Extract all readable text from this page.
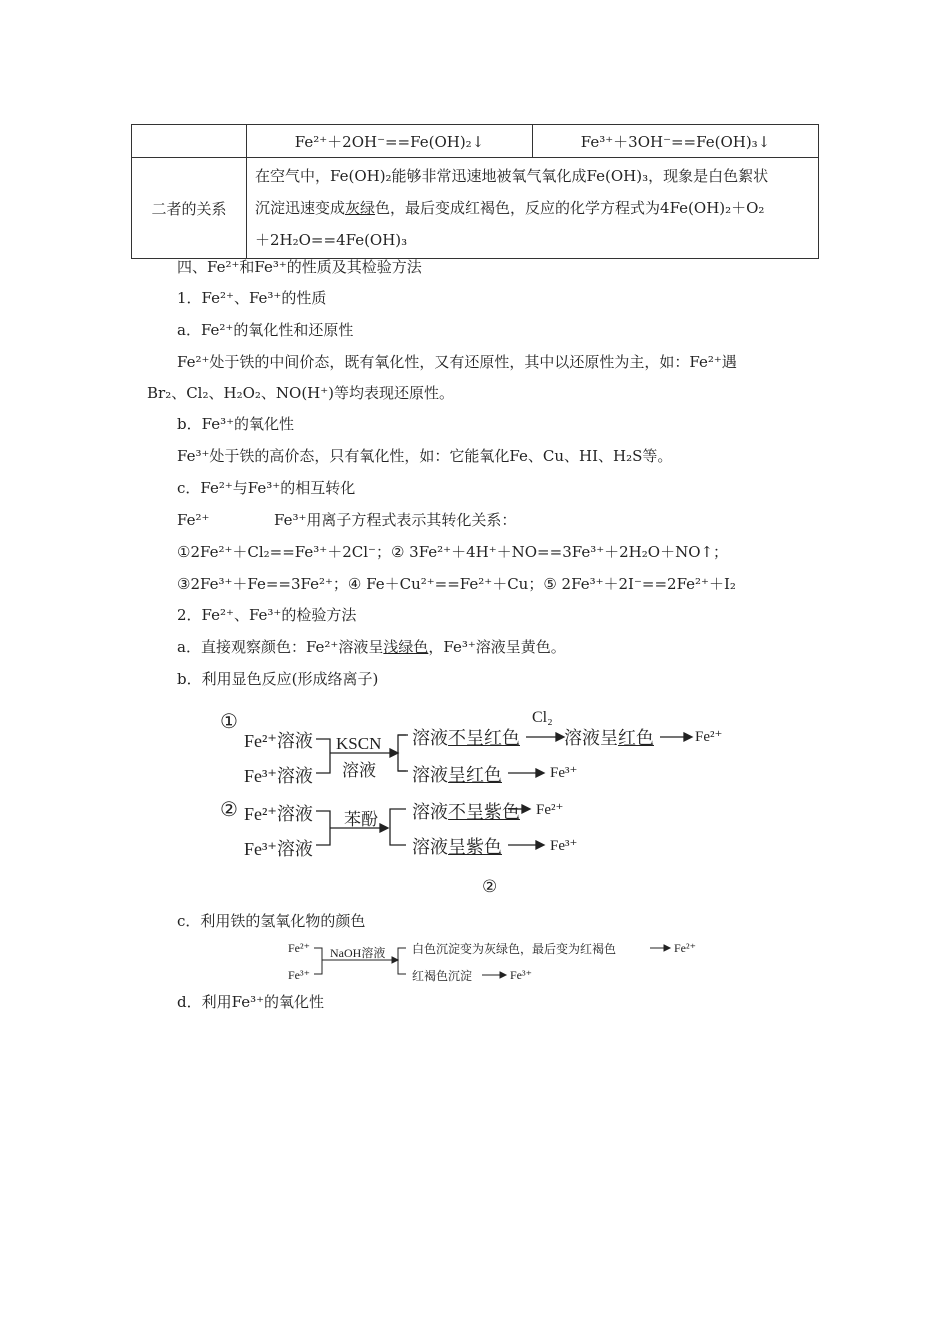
	Fe²⁺＋2OH⁻==Fe(OH)₂↓	Fe³⁺＋3OH⁻==Fe(OH)₃↓
二者的关系	在空气中，Fe(OH)₂能够非常迅速地被氧气氧化成Fe(OH)₃，现象是白色絮状
沉淀迅速变成灰绿色，最后变成红褐色，反应的化学方程式为4Fe(OH)₂＋O₂
＋2H₂O==4Fe(OH)₃	
四、Fe²⁺和Fe³⁺的性质及其检验方法
1．Fe²⁺、Fe³⁺的性质
a．Fe²⁺的氧化性和还原性
Fe²⁺处于铁的中间价态，既有氧化性，又有还原性，其中以还原性为主，如：Fe²⁺遇
Br₂、Cl₂、H₂O₂、NO(H⁺)等均表现还原性。
b．Fe³⁺的氧化性
Fe³⁺处于铁的高价态，只有氧化性，如：它能氧化Fe、Cu、HI、H₂S等。
c．Fe²⁺与Fe³⁺的相互转化
Fe²⁺	Fe³⁺用离子方程式表示其转化关系：
①2Fe²⁺＋Cl₂==Fe³⁺＋2Cl⁻；② 3Fe²⁺＋4H⁺＋NO==3Fe³⁺＋2H₂O＋NO↑；
③2Fe³⁺＋Fe==3Fe²⁺；④ Fe＋Cu²⁺==Fe²⁺＋Cu；⑤ 2Fe³⁺＋2I⁻==2Fe²⁺＋I₂
2．Fe²⁺、Fe³⁺的检验方法
a．直接观察颜色：Fe²⁺溶液呈浅绿色，Fe³⁺溶液呈黄色。
b．利用显色反应(形成络离子)
①
Fe²⁺溶液
Fe³⁺溶液
KSCN
溶液
溶液不呈红色
Cl₂
溶液呈红色	Fe²⁺
溶液呈红色	Fe³⁺
② Fe²⁺溶液
Fe³⁺溶液
苯酚 溶液不呈紫色 Fe²⁺
溶液呈紫色	Fe³⁺
②
c．利用铁的氢氧化物的颜色
Fe²⁺
Fe³⁺
NaOH溶液 白色沉淀变为灰绿色，最后变为红褐色	Fe²⁺
红褐色沉淀	Fe³⁺
d．利用Fe³⁺的氧化性
